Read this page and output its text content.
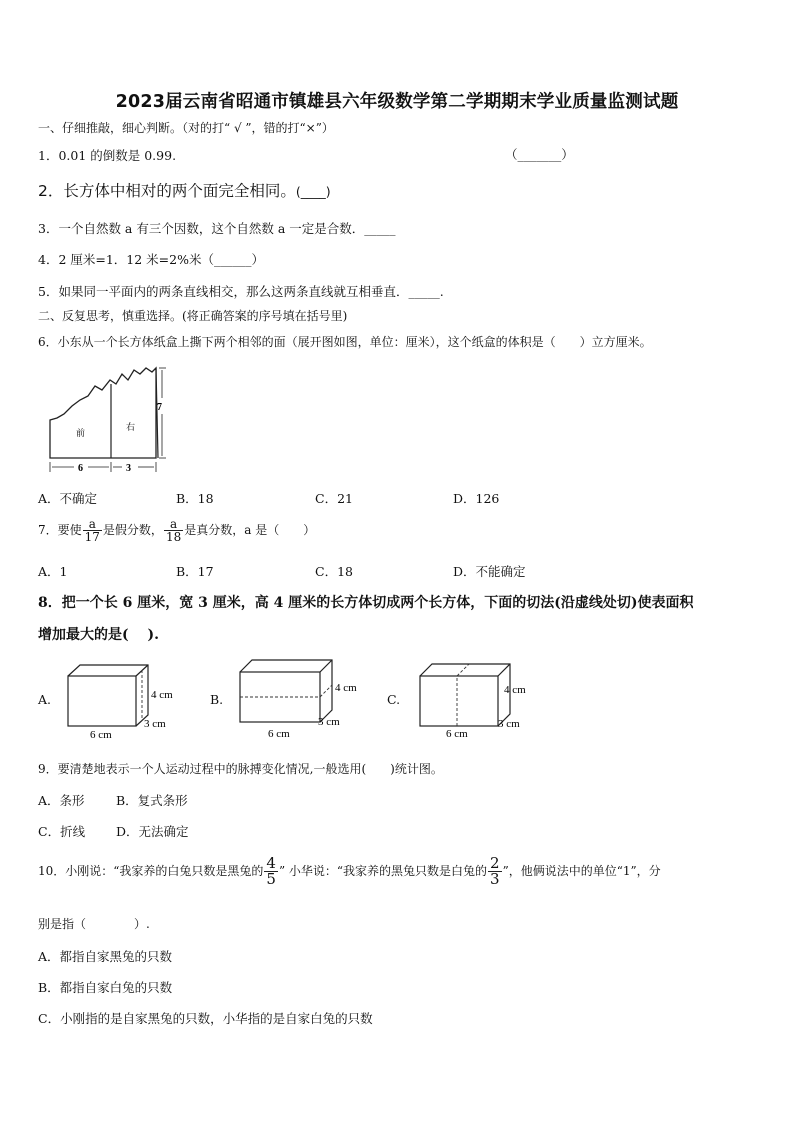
2023届云南省昭通市镇雄县六年级数学第二学期期末学业质量监测试题
一、仔细推敲，细心判断。（对的打“ √ ”，错的打“×”）
1．0.01 的倒数是 0.99.	（_______）
2．长方体中相对的两个面完全相同。(____)
3．一个自然数 a 有三个因数，这个自然数 a 一定是合数．_____
4．2 厘米=1．12 米=2%米（______）
5．如果同一平面内的两条直线相交，那么这两条直线就互相垂直．_____.
二、反复思考，慎重选择。(将正确答案的序号填在括号里)
6．小东从一个长方体纸盒上撕下两个相邻的面（展开图如图，单位：厘米），这个纸盒的体积是（　　）立方厘米。
前
右
6	3
7
A．不确定	B．18	C．21	D．126
7．要使 $\frac{a}{17}$ 是假分数， $\frac{a}{18}$ 是真分数，a 是（　　）
A．1	B．17	C．18	D．不能确定
8．把一个长 6 厘米，宽 3 厘米，高 4 厘米的长方体切成两个长方体，下面的切法(沿虚线处切)使表面积
增加最大的是(　 ).
A.	4 cm
3 cm
6 cm
B.
4 cm
3 cm
6 cm
C.
4 cm
3 cm
6 cm
9．要清楚地表示一个人运动过程中的脉搏变化情况,一般选用(　　)统计图。
A．条形	B．复式条形
C．折线 D．无法确定
10．小刚说：“我家养的白兔只数是黑兔的 $\frac{4}{5}$ ” 小华说：“我家养的黑兔只数是白兔的 $\frac{2}{3}$ ”，他俩说法中的单位“1”，分
别是指（　　　　）.
A．都指自家黑兔的只数
B．都指自家白兔的只数
C．小刚指的是自家黑兔的只数，小华指的是自家白兔的只数
